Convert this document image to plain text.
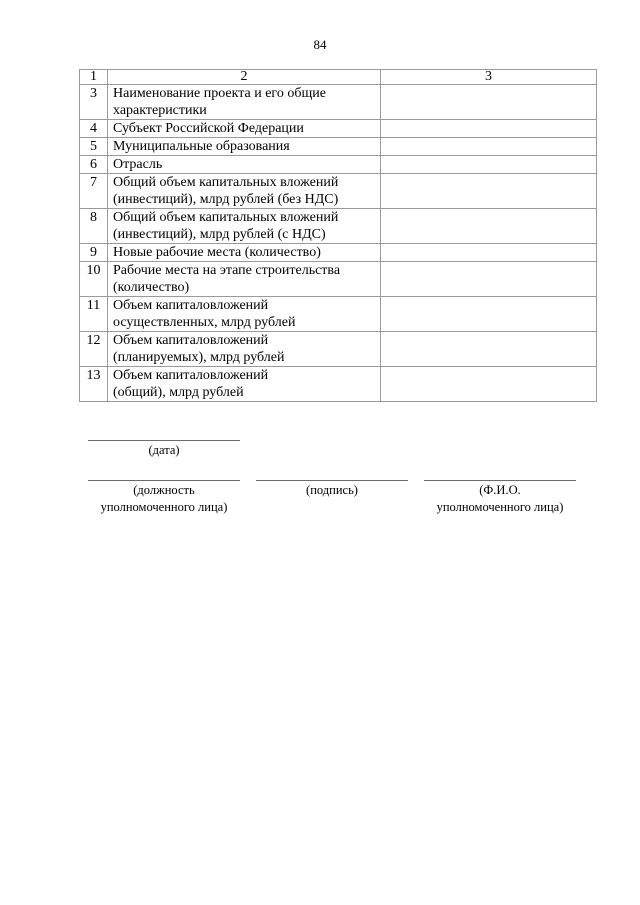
84
1	2	3
3	Наименование проекта и его общие
характеристики	

4	Субъект Российской Федерации	

5	Муниципальные образования	

6	Отрасль	

7	Общий объем капитальных вложений
(инвестиций), млрд рублей (без НДС)	

8	Общий объем капитальных вложений
(инвестиций), млрд рублей (с НДС)	

9	Новые рабочие места (количество)	

10	Рабочие места на этапе строительства
(количество)	

11	Объем капиталовложений
осуществленных, млрд рублей	

12	Объем капиталовложений
(планируемых), млрд рублей	

13	Объем капиталовложений
(общий), млрд рублей	

(дата)
(должность
уполномоченного лица)
(подпись)	(Ф.И.О.
уполномоченного лица)
